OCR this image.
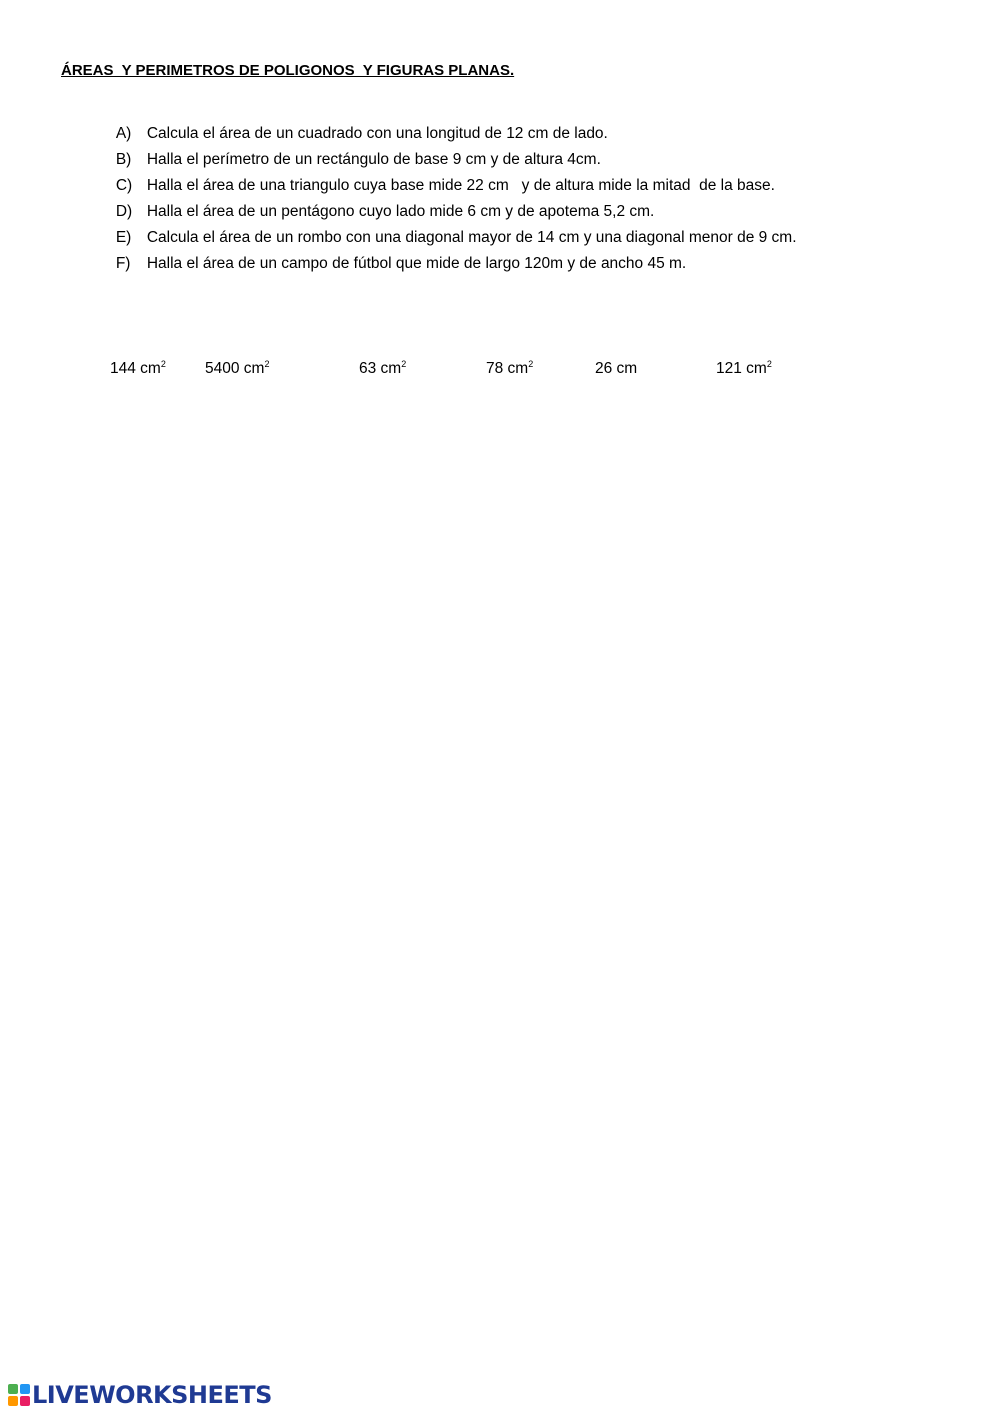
ÁREAS  Y PERIMETROS DE POLIGONOS  Y FIGURAS PLANAS.

A) Calcula el área de un cuadrado con una longitud de 12 cm de lado.

B) Halla el perímetro de un rectángulo de base 9 cm y de altura 4cm.

C) Halla el área de una triangulo cuya base mide 22 cm   y de altura mide la mitad  de la base.

D) Halla el área de un pentágono cuyo lado mide 6 cm y de apotema 5,2 cm.

E) Calcula el área de un rombo con una diagonal mayor de 14 cm y una diagonal menor de 9 cm.

F) Halla el área de un campo de fútbol que mide de largo 120m y de ancho 45 m.

144 $cm^2$	5400 $cm^2$	63 $cm^2$	78 $cm^2$	26 cm	121 $cm^2$
LIVEWORKSHEETS
